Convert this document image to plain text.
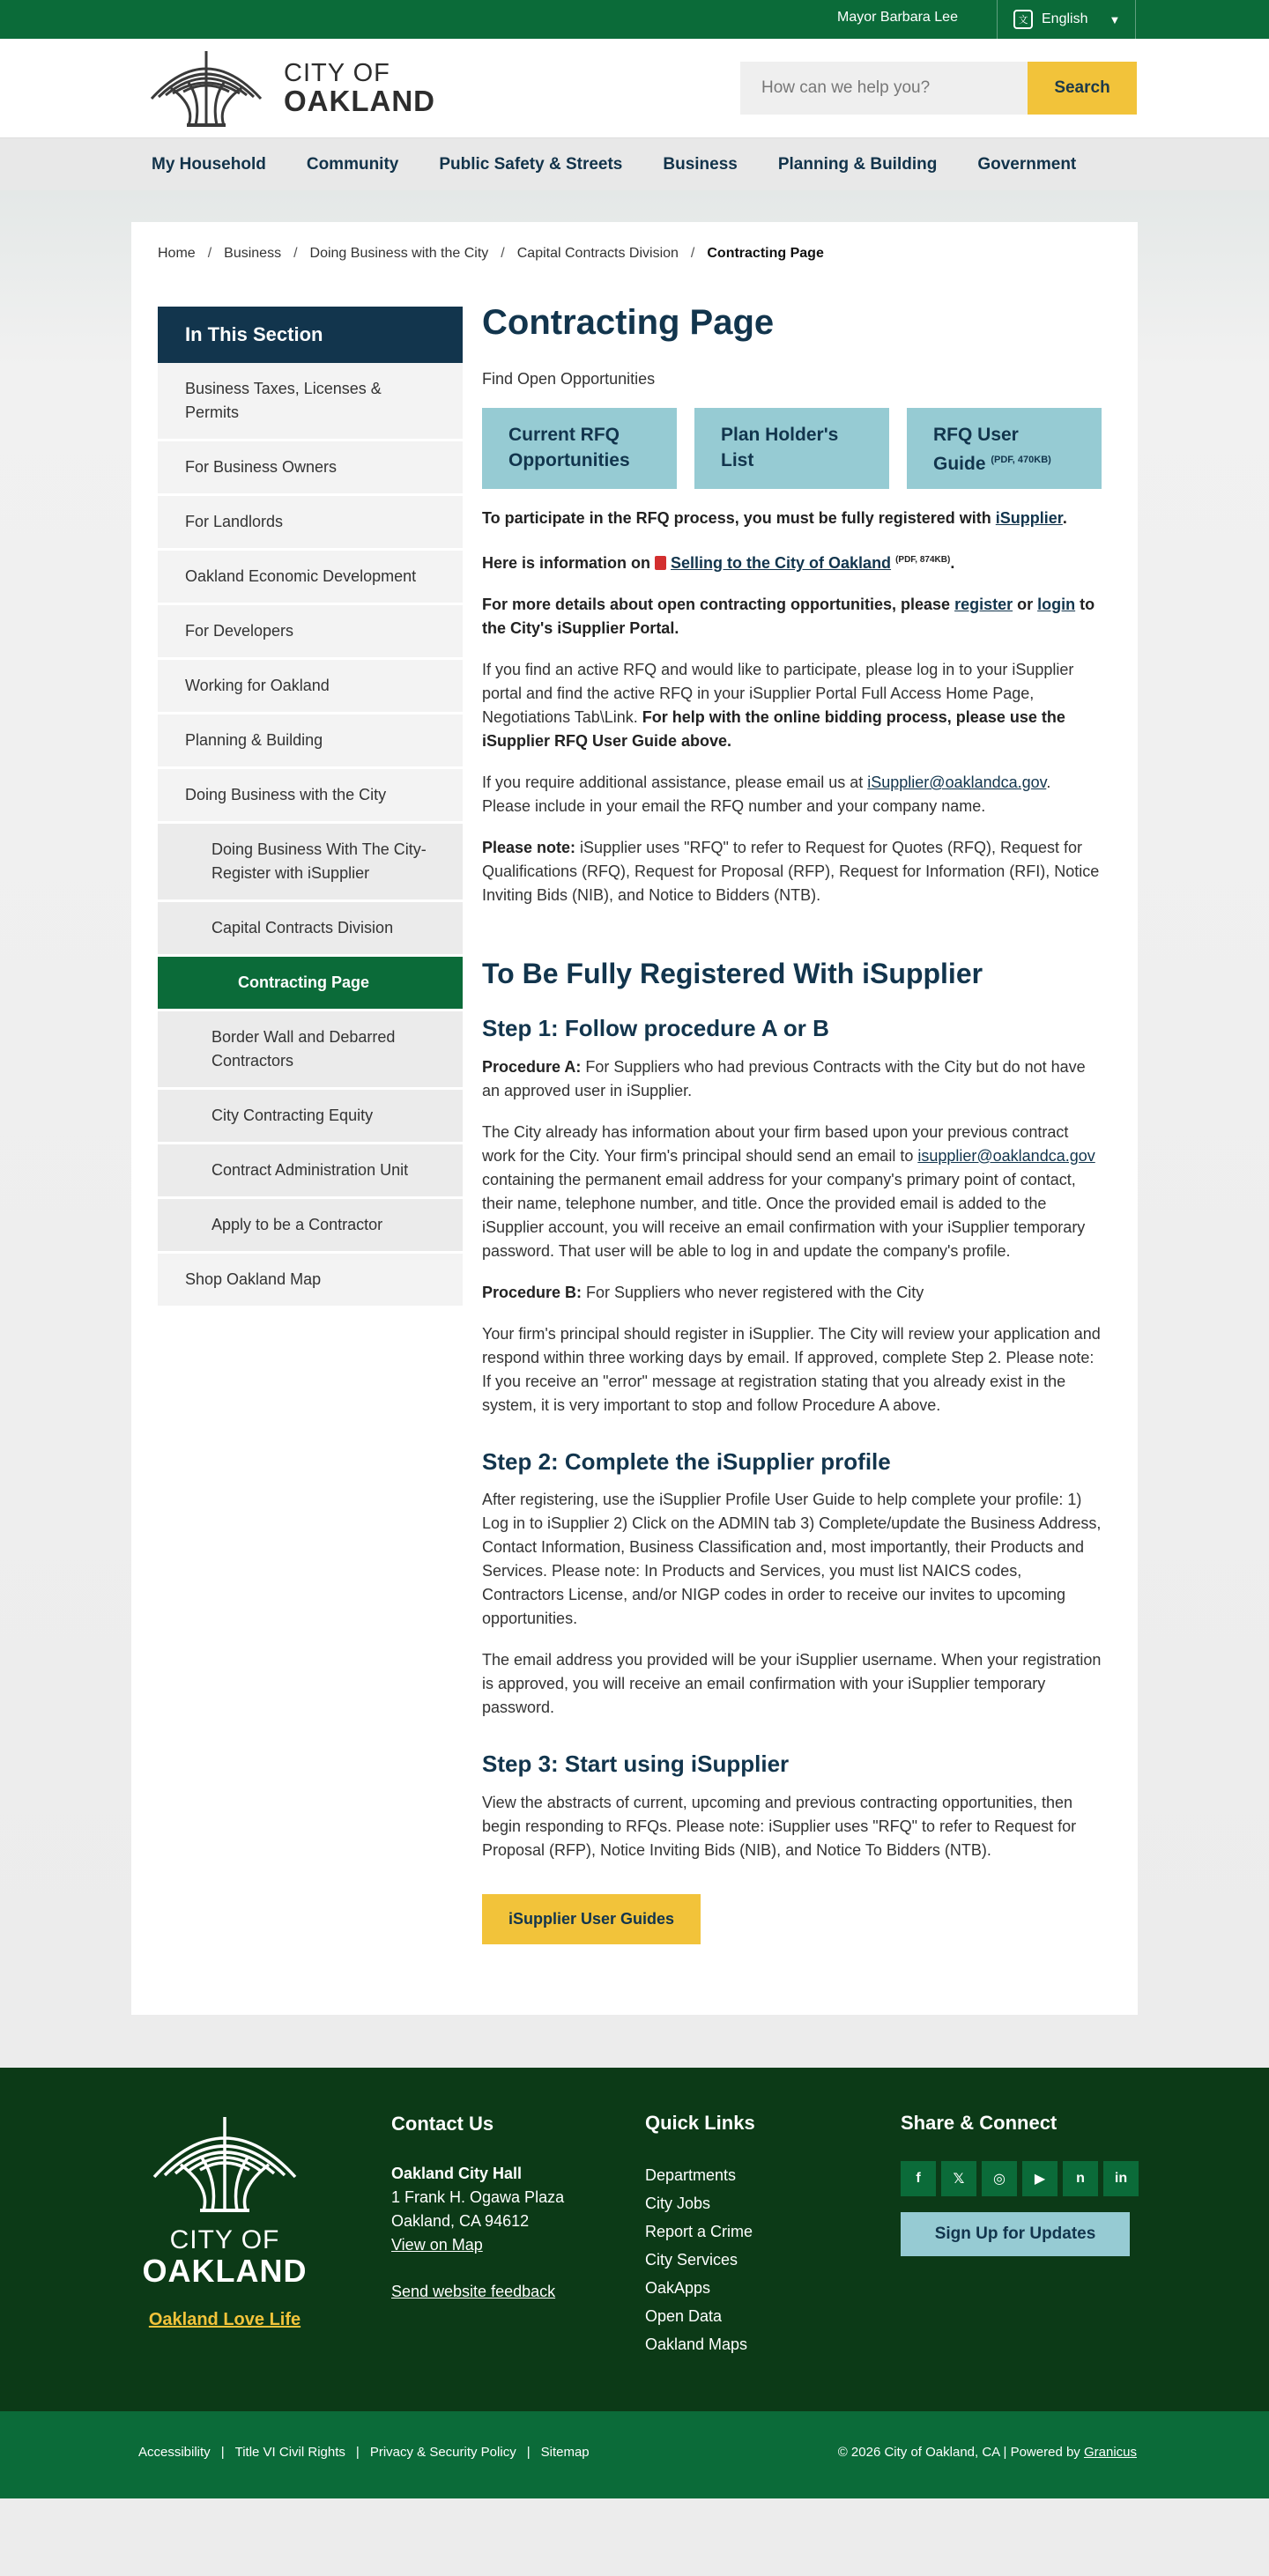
Mayor Barbara Lee	文 English ▼
CITY OF
OAKLAND
How can we help you?	Search
My Household Community Public Safety & Streets Business Planning & Building Government
Home / Business / Doing Business with the City / Capital Contracts Division / Contracting Page
In This Section
Business Taxes, Licenses & Permits
For Business Owners
For Landlords
Oakland Economic Development
For Developers
Working for Oakland
Planning & Building
Doing Business with the City
Doing Business With The City- Register with iSupplier
Capital Contracts Division
Contracting Page
Border Wall and Debarred Contractors
City Contracting Equity
Contract Administration Unit
Apply to be a Contractor
Shop Oakland Map
Contracting Page
Find Open Opportunities
Current RFQ Opportunities
Plan Holder's List
RFQ User Guide $^{(PDF, 470KB)}$

To participate in the RFQ process, you must be fully registered with iSupplier.

Here is information on Selling to the City of Oakland $^{(PDF, 874KB)}$.

For more details about open contracting opportunities, please register or login to the City's iSupplier Portal.

If you find an active RFQ and would like to participate, please log in to your iSupplier portal and find the active RFQ in your iSupplier Portal Full Access Home Page, Negotiations Tab\Link. For help with the online bidding process, please use the iSupplier RFQ User Guide above.

If you require additional assistance, please email us at iSupplier@oaklandca.gov. Please include in your email the RFQ number and your company name.

Please note: iSupplier uses "RFQ" to refer to Request for Quotes (RFQ), Request for Qualifications (RFQ), Request for Proposal (RFP), Request for Information (RFI), Notice Inviting Bids (NIB), and Notice to Bidders (NTB).

To Be Fully Registered With iSupplier
Step 1: Follow procedure A or B

Procedure A: For Suppliers who had previous Contracts with the City but do not have an approved user in iSupplier.

The City already has information about your firm based upon your previous contract work for the City. Your firm's principal should send an email to isupplier@oaklandca.gov containing the permanent email address for your company's primary point of contact, their name, telephone number, and title. Once the provided email is added to the iSupplier account, you will receive an email confirmation with your iSupplier temporary password. That user will be able to log in and update the company's profile.

Procedure B: For Suppliers who never registered with the City

Your firm's principal should register in iSupplier. The City will review your application and respond within three working days by email. If approved, complete Step 2. Please note: If you receive an "error" message at registration stating that you already exist in the system, it is very important to stop and follow Procedure A above.

Step 2: Complete the iSupplier profile

After registering, use the iSupplier Profile User Guide to help complete your profile: 1) Log in to iSupplier 2) Click on the ADMIN tab 3) Complete/update the Business Address, Contact Information, Business Classification and, most importantly, their Products and Services. Please note: In Products and Services, you must list NAICS codes, Contractors License, and/or NIGP codes in order to receive our invites to upcoming opportunities.

The email address you provided will be your iSupplier username. When your registration is approved, you will receive an email confirmation with your iSupplier temporary password.

Step 3: Start using iSupplier

View the abstracts of current, upcoming and previous contracting opportunities, then begin responding to RFQs. Please note: iSupplier uses "RFQ" to refer to Request for Proposal (RFP), Notice Inviting Bids (NIB), and Notice To Bidders (NTB).

iSupplier User Guides
CITY OF
OAKLAND
Oakland Love Life
Contact Us
Oakland City Hall
1 Frank H. Ogawa Plaza
Oakland, CA 94612
View on Map
Send website feedback
Quick Links
Departments
City Jobs
Report a Crime
City Services
OakApps
Open Data
Oakland Maps
Share & Connect
f	𝕏	◎	▶	n	in
Sign Up for Updates
Accessibility | Title VI Civil Rights | Privacy & Security Policy | Sitemap	© 2026 City of Oakland, CA | Powered by Granicus
